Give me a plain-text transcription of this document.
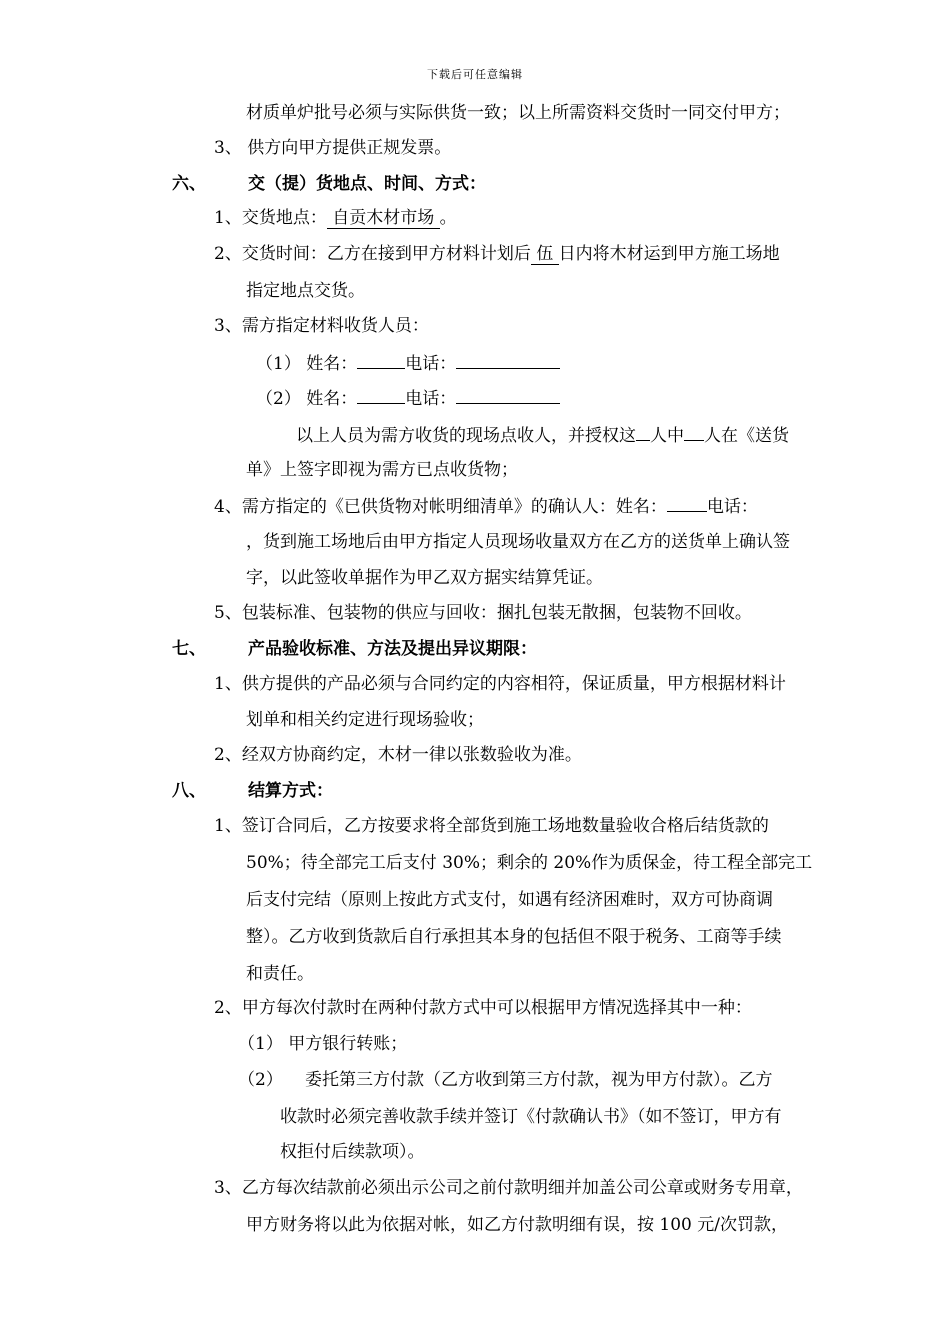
下载后可任意编辑
材质单炉批号必须与实际供货一致；以上所需资料交货时一同交付甲方；
3、 供方向甲方提供正规发票。
六、 交（提）货地点、时间、方式：
1、交货地点： 自贡木材市场 。
2、交货时间：乙方在接到甲方材料计划后 伍 日内将木材运到甲方施工场地
指定地点交货。
3、需方指定材料收货人员：
（1） 姓名：	电话：
（2） 姓名：	电话：
以上人员为需方收货的现场点收人，并授权这 人中 人在《送货
单》上签字即视为需方已点收货物；
4、需方指定的《已供货物对帐明细清单》的确认人：姓名： 电话：
，货到施工场地后由甲方指定人员现场收量双方在乙方的送货单上确认签
字，以此签收单据作为甲乙双方据实结算凭证。
5、包装标准、包装物的供应与回收：捆扎包装无散捆，包装物不回收。
七、 产品验收标准、方法及提出异议期限：
1、供方提供的产品必须与合同约定的内容相符，保证质量，甲方根据材料计
划单和相关约定进行现场验收；
2、经双方协商约定，木材一律以张数验收为准。
八、 结算方式：
1、签订合同后，乙方按要求将全部货到施工场地数量验收合格后结货款的
50%；待全部完工后支付 30%；剩余的 20%作为质保金，待工程全部完工
后支付完结（原则上按此方式支付，如遇有经济困难时，双方可协商调
整）。乙方收到货款后自行承担其本身的包括但不限于税务、工商等手续
和责任。
2、甲方每次付款时在两种付款方式中可以根据甲方情况选择其中一种：
（1） 甲方银行转账；
（2） 委托第三方付款（乙方收到第三方付款，视为甲方付款）。乙方
收款时必须完善收款手续并签订《付款确认书》（如不签订，甲方有
权拒付后续款项）。
3、乙方每次结款前必须出示公司之前付款明细并加盖公司公章或财务专用章，
甲方财务将以此为依据对帐，如乙方付款明细有误，按 100 元/次罚款，
